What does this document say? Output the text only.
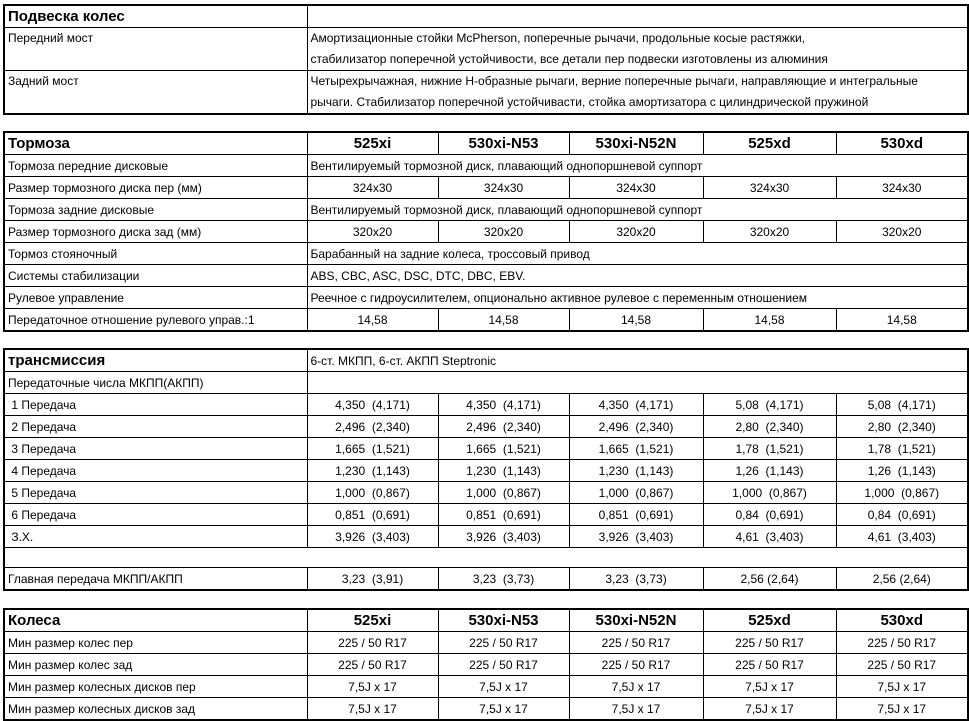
Подвеска колес	
Передний мост	Амортизационные стойки McPherson, поперечные рычачи, продольные косые растяжки,
стабилизатор поперечной устойчивости, все детали пер подвески изготовлены из алюминия

Задний мост	Четырехрычажная, нижние H-образные рычаги, верние поперечные рычаги, направляющие и интегральные
рычаги. Стабилизатор поперечной устойчивасти, стойка амортизатора с цилиндрической пружиной
Тормоза	525xi	530xi-N53	530xi-N52N	525xd	530xd
Тормоза передние дисковые	Вентилируемый тормозной диск, плавающий однопоршневой суппорт				
Размер тормозного диска пер (мм)	324x30	324x30	324x30	324x30	324x30
Тормоза задние дисковые	Вентилируемый тормозной диск, плавающий однопоршневой суппорт				
Размер тормозного диска зад (мм)	320x20	320x20	320x20	320x20	320x20
Тормоз стояночный	Барабанный на задние колеса, троссовый привод				
Системы стабилизации	ABS, CBC, ASC, DSC, DTC, DBC, EBV.				
Рулевое управление	Реечное с гидроусилителем, опционально активное рулевое с переменным отношением				
Передаточное отношение рулевого управ.:1	14,58	14,58	14,58	14,58	14,58
трансмиссия	6-ст. МКПП, 6-ст. АКПП Steptronic				
Передаточные числа МКПП(АКПП)					
1 Передача	4,350  (4,171)	4,350  (4,171)	4,350  (4,171)	5,08  (4,171)	5,08  (4,171)
2 Передача	2,496  (2,340)	2,496  (2,340)	2,496  (2,340)	2,80  (2,340)	2,80  (2,340)
3 Передача	1,665  (1,521)	1,665  (1,521)	1,665  (1,521)	1,78  (1,521)	1,78  (1,521)
4 Передача	1,230  (1,143)	1,230  (1,143)	1,230  (1,143)	1,26  (1,143)	1,26  (1,143)
5 Передача	1,000  (0,867)	1,000  (0,867)	1,000  (0,867)	1,000  (0,867)	1,000  (0,867)
6 Передача	0,851  (0,691)	0,851  (0,691)	0,851  (0,691)	0,84  (0,691)	0,84  (0,691)
З.Х.	3,926  (3,403)	3,926  (3,403)	3,926  (3,403)	4,61  (3,403)	4,61  (3,403)

Главная передача МКПП/АКПП	3,23  (3,91)	3,23  (3,73)	3,23  (3,73)	2,56 (2,64)	2,56 (2,64)
Колеса	525xi	530xi-N53	530xi-N52N	525xd	530xd
Мин размер колес пер	225 / 50 R17	225 / 50 R17	225 / 50 R17	225 / 50 R17	225 / 50 R17
Мин размер колес зад	225 / 50 R17	225 / 50 R17	225 / 50 R17	225 / 50 R17	225 / 50 R17
Мин размер колесных дисков пер	7,5J x 17	7,5J x 17	7,5J x 17	7,5J x 17	7,5J x 17
Мин размер колесных дисков зад	7,5J x 17	7,5J x 17	7,5J x 17	7,5J x 17	7,5J x 17
